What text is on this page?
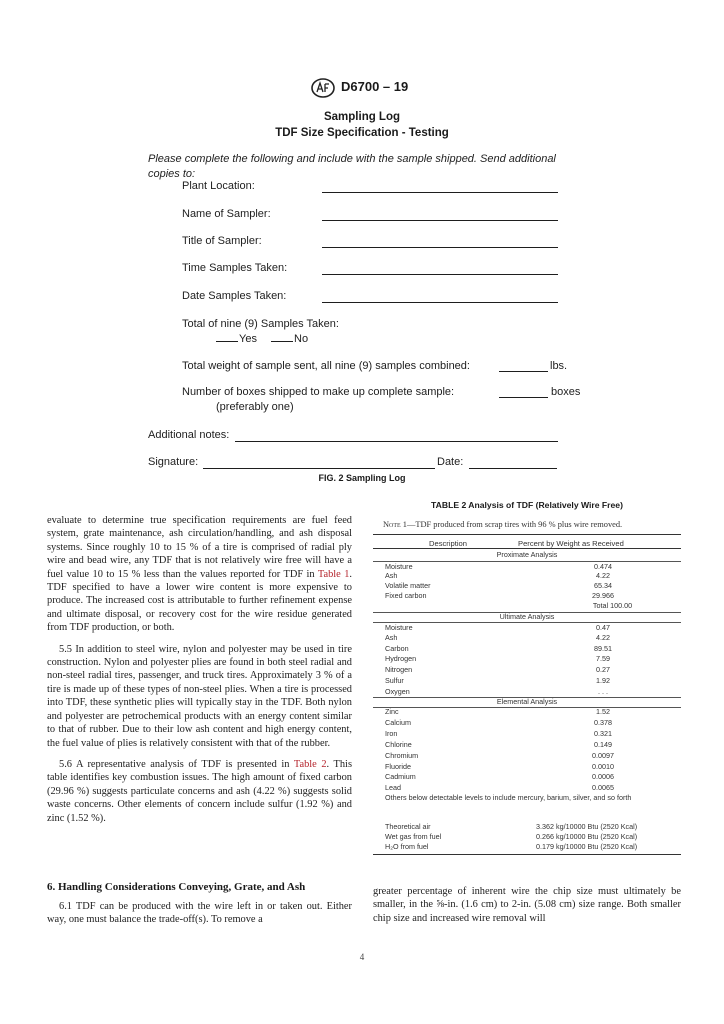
D6700 – 19
Sampling Log
TDF Size Specification - Testing
Please complete the following and include with the sample shipped. Send additional copies to:
Plant Location:
Name of Sampler:
Title of Sampler:
Time Samples Taken:
Date Samples Taken:
Total of nine (9) Samples Taken:
Yes	No
Total weight of sample sent, all nine (9) samples combined:	lbs.
Number of boxes shipped to make up complete sample:
(preferably one)
boxes
Additional notes:
Signature:	Date:
FIG. 2 Sampling Log

evaluate to determine true specification requirements are fuel feed system, grate maintenance, ash circulation/handling, and ash disposal systems. Since roughly 10 to 15 % of a tire is comprised of radial ply wire and bead wire, any TDF that is not relatively wire free will have a fuel value 10 to 15 % less than the values reported for TDF in Table 1. TDF specified to have a lower wire content is more expensive to produce. The increased cost is attributable to further refinement expense and ultimate disposal, or recovery cost for the wire residue generated from TDF production, or both.

5.5 In addition to steel wire, nylon and polyester may be used in tire construction. Nylon and polyester plies are found in both steel radial and non-steel radial tires, passenger, and truck tires. Approximately 3 % of a tire is made up of these types of non-steel plies. When a tire is processed into TDF, these synthetic plies will typically stay in the TDF. Both nylon and polyester are petrochemical products with an energy content similar to that of rubber. Due to their low ash content and high energy content, the fuel value of plies is relatively consistent with that of the rubber.

5.6 A representative analysis of TDF is presented in Table 2. This table identifies key combustion issues. The high amount of fixed carbon (29.96 %) suggests particulate concerns and ash (4.22 %) suggests solid waste concerns. Other elements of concern include sulfur (1.92 %) and zinc (1.52 %).

6. Handling Considerations Conveying, Grate, and Ash

6.1 TDF can be produced with the wire left in or taken out. Either way, one must balance the trade-off(s). To remove a

greater percentage of inherent wire the chip size must ultimately be smaller, in the ⅝-in. (1.6 cm) to 2-in. (5.08 cm) size range. Both smaller chip size and increased wire removal will

TABLE 2 Analysis of TDF (Relatively Wire Free)
Note 1—TDF produced from scrap tires with 96 % plus wire removed.
Description	Percent by Weight as Received
Proximate Analysis
Moisture	0.474
Ash	4.22
Volatile matter	65.34
Fixed carbon	29.966
Total 100.00
Ultimate Analysis
Moisture	0.47
Ash	4.22
Carbon	89.51
Hydrogen	7.59
Nitrogen	0.27
Sulfur	1.92
Oxygen	. . .
Elemental Analysis
Zinc	1.52
Calcium	0.378
Iron	0.321
Chlorine	0.149
Chromium	0.0097
Fluoride	0.0010
Cadmium	0.0006
Lead	0.0065
Others below detectable levels to include mercury, barium, silver, and so forth
Theoretical air	3.362 kg/10000 Btu (2520 Kcal)
Wet gas from fuel	0.266 kg/10000 Btu (2520 Kcal)
H₂O from fuel	0.179 kg/10000 Btu (2520 Kcal)
4
